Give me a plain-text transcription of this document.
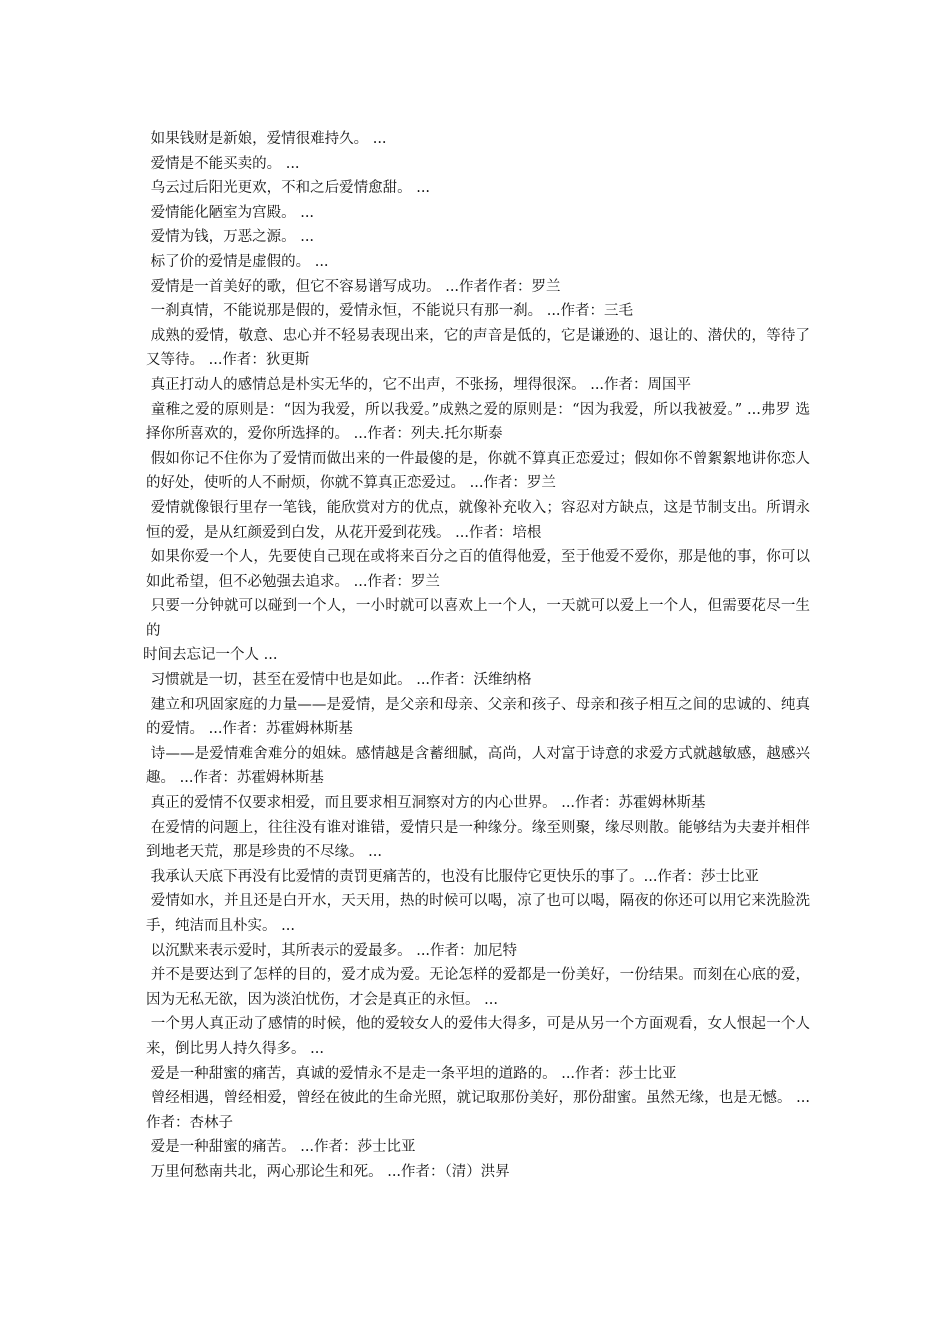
如果钱财是新娘，爱情很难持久。 ...

爱情是不能买卖的。 ...

乌云过后阳光更欢，不和之后爱情愈甜。 ...

爱情能化陋室为宫殿。 ...

爱情为钱，万恶之源。 ...

标了价的爱情是虚假的。 ...

爱情是一首美好的歌，但它不容易谱写成功。 ...作者作者：罗兰

一刹真情，不能说那是假的，爱情永恒，不能说只有那一刹。 ...作者：三毛

成熟的爱情，敬意、忠心并不轻易表现出来，它的声音是低的，它是谦逊的、退让的、潜伏的，等待了又等待。 ...作者：狄更斯

真正打动人的感情总是朴实无华的，它不出声，不张扬，埋得很深。 ...作者：周国平

童稚之爱的原则是：“因为我爱，所以我爱。”成熟之爱的原则是：“因为我爱，所以我被爱。” ...弗罗 选择你所喜欢的，爱你所选择的。 ...作者：列夫.托尔斯泰

假如你记不住你为了爱情而做出来的一件最傻的是，你就不算真正恋爱过；假如你不曾絮絮地讲你恋人的好处，使听的人不耐烦，你就不算真正恋爱过。 ...作者：罗兰

爱情就像银行里存一笔钱，能欣赏对方的优点，就像补充收入；容忍对方缺点，这是节制支出。所谓永恒的爱，是从红颜爱到白发，从花开爱到花残。 ...作者：培根

如果你爱一个人，先要使自己现在或将来百分之百的值得他爱，至于他爱不爱你，那是他的事，你可以如此希望，但不必勉强去追求。 ...作者：罗兰

只要一分钟就可以碰到一个人，一小时就可以喜欢上一个人，一天就可以爱上一个人，但需要花尽一生的

时间去忘记一个人 ...

习惯就是一切，甚至在爱情中也是如此。 ...作者：沃维纳格

建立和巩固家庭的力量——是爱情，是父亲和母亲、父亲和孩子、母亲和孩子相互之间的忠诚的、纯真的爱情。 ...作者：苏霍姆林斯基

诗——是爱情难舍难分的姐妹。感情越是含蓄细腻，高尚，人对富于诗意的求爱方式就越敏感，越感兴趣。 ...作者：苏霍姆林斯基

真正的爱情不仅要求相爱，而且要求相互洞察对方的内心世界。 ...作者：苏霍姆林斯基

在爱情的问题上，往往没有谁对谁错，爱情只是一种缘分。缘至则聚，缘尽则散。能够结为夫妻并相伴到地老天荒，那是珍贵的不尽缘。 ...

我承认天底下再没有比爱情的责罚更痛苦的，也没有比服侍它更快乐的事了。...作者：莎士比亚

爱情如水，并且还是白开水，天天用，热的时候可以喝，凉了也可以喝，隔夜的你还可以用它来洗脸洗手，纯洁而且朴实。 ...

以沉默来表示爱时，其所表示的爱最多。 ...作者：加尼特

并不是要达到了怎样的目的，爱才成为爱。无论怎样的爱都是一份美好，一份结果。而刻在心底的爱，因为无私无欲，因为淡泊忧伤，才会是真正的永恒。 ...

一个男人真正动了感情的时候，他的爱较女人的爱伟大得多，可是从另一个方面观看，女人恨起一个人来，倒比男人持久得多。 ...

爱是一种甜蜜的痛苦，真诚的爱情永不是走一条平坦的道路的。 ...作者：莎士比亚

曾经相遇，曾经相爱，曾经在彼此的生命光照，就记取那份美好，那份甜蜜。虽然无缘，也是无憾。 ...作者：杏林子

爱是一种甜蜜的痛苦。 ...作者：莎士比亚

万里何愁南共北，两心那论生和死。 ...作者：（清）洪昇
